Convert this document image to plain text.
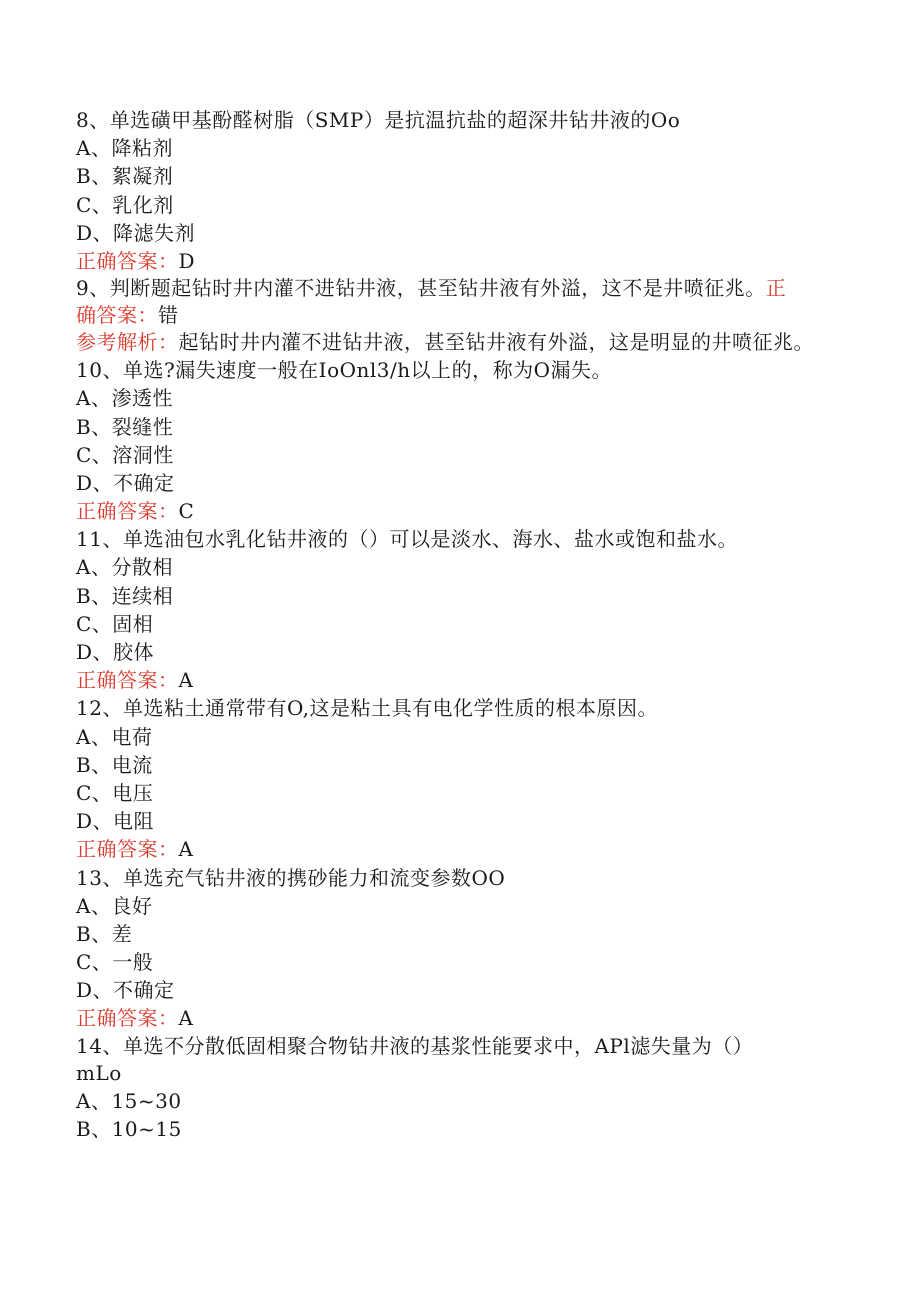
8、单选磺甲基酚醛树脂（SMP）是抗温抗盐的超深井钻井液的Oo
A、降粘剂
B、絮凝剂
C、乳化剂
D、降滤失剂
正确答案：D
9、判断题起钻时井内灌不进钻井液，甚至钻井液有外溢，这不是井喷征兆。正
确答案：错
参考解析：起钻时井内灌不进钻井液，甚至钻井液有外溢，这是明显的井喷征兆。
10、单选?漏失速度一般在IoOnl3/h以上的，称为O漏失。
A、渗透性
B、裂缝性
C、溶洞性
D、不确定
正确答案：C
11、单选油包水乳化钻井液的（）可以是淡水、海水、盐水或饱和盐水。
A、分散相
B、连续相
C、固相
D、胶体
正确答案：A
12、单选粘土通常带有O,这是粘土具有电化学性质的根本原因。
A、电荷
B、电流
C、电压
D、电阻
正确答案：A
13、单选充气钻井液的携砂能力和流变参数OO
A、良好
B、差
C、一般
D、不确定
正确答案：A
14、单选不分散低固相聚合物钻井液的基浆性能要求中，APl滤失量为（）mLo
A、15~30
B、10~15
